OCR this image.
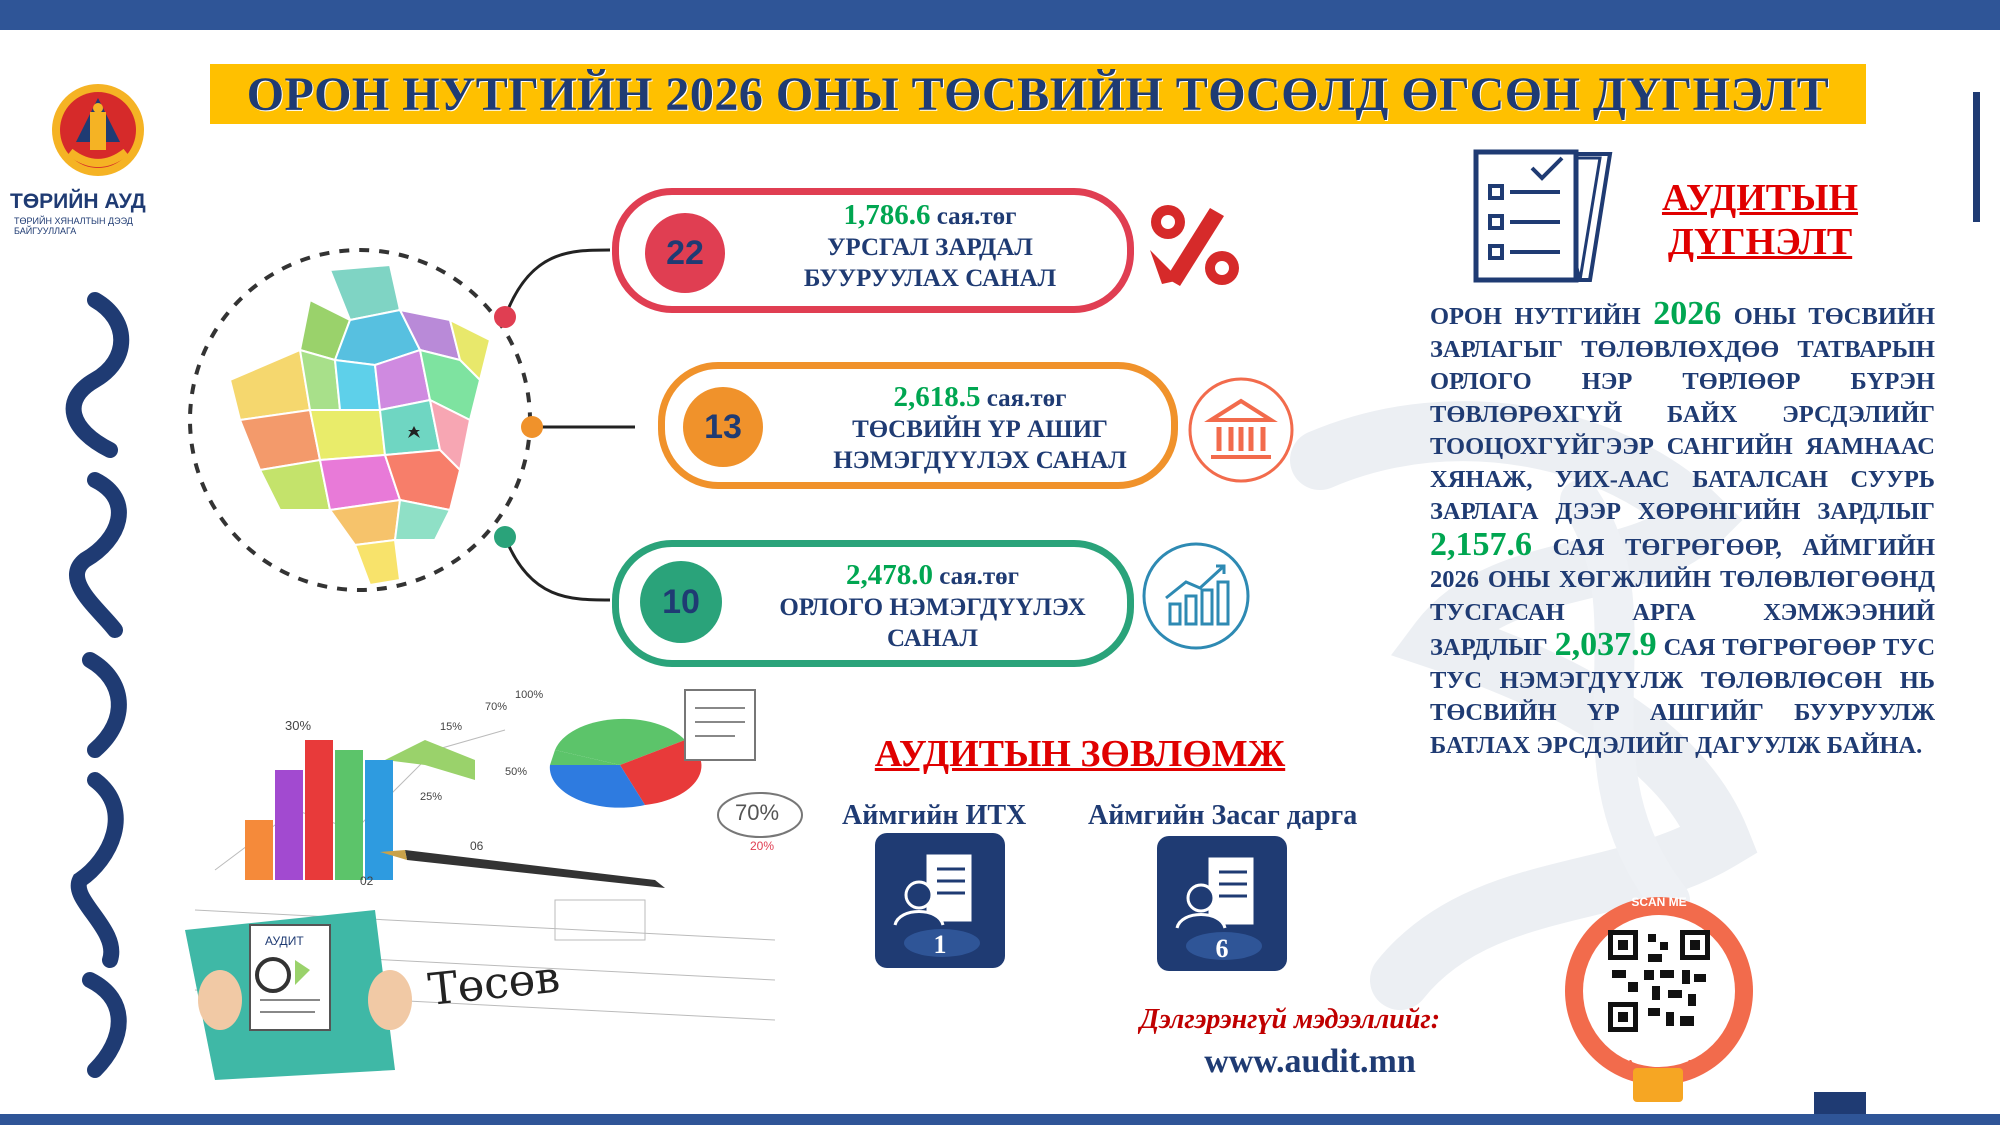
ТӨРИЙН АУД
ТӨРИЙН ХЯНАЛТЫН ДЭЭД БАЙГУУЛЛАГА
ОРОН НУТГИЙН 2026 ОНЫ ТӨСВИЙН ТӨСӨЛД ӨГСӨН ДҮГНЭЛТ
22
1,786.6 сая.төг
УРСГАЛ ЗАРДАЛ
БУУРУУЛАХ САНАЛ
13
2,618.5 сая.төг
ТӨСВИЙН ҮР АШИГ
НЭМЭГДҮҮЛЭХ САНАЛ
10
2,478.0 сая.төг
ОРЛОГО НЭМЭГДҮҮЛЭХ
САНАЛ
70%
20%
30%
50%
25%
100%
70%
15%
06
02
АУДИТ
Төсөв
АУДИТЫН
ДҮГНЭЛТ
ОРОН НУТГИЙН 2026 ОНЫ ТӨСВИЙН ЗАРЛАГЫГ ТӨЛӨВЛӨХДӨӨ ТАТВАРЫН ОРЛОГО НЭР ТӨРЛӨӨР БҮРЭН ТӨВЛӨРӨХГҮЙ БАЙХ ЭРСДЭЛИЙГ ТООЦОХГҮЙГЭЭР САНГИЙН ЯАМНААС ХЯНАЖ, УИХ-ААС БАТАЛСАН СУУРЬ ЗАРЛАГА ДЭЭР ХӨРӨНГИЙН ЗАРДЛЫГ 2,157.6 САЯ ТӨГРӨГӨӨР, АЙМГИЙН 2026 ОНЫ ХӨГЖЛИЙН ТӨЛӨВЛӨГӨӨНД ТУСГАСАН АРГА ХЭМЖЭЭНИЙ ЗАРДЛЫГ 2,037.9 САЯ ТӨГРӨГӨӨР ТУС ТУС НЭМЭГДҮҮЛЖ ТӨЛӨВЛӨСӨН НЬ ТӨСВИЙН ҮР АШГИЙГ БУУРУУЛЖ БАТЛАХ ЭРСДЭЛИЙГ ДАГУУЛЖ БАЙНА.
АУДИТЫН ЗӨВЛӨМЖ
Аймгийн ИТХ
1
Аймгийн Засаг дарга
6
SCAN ME
Дэлгэрэнгүй мэдээллийг:
www.audit.mn
